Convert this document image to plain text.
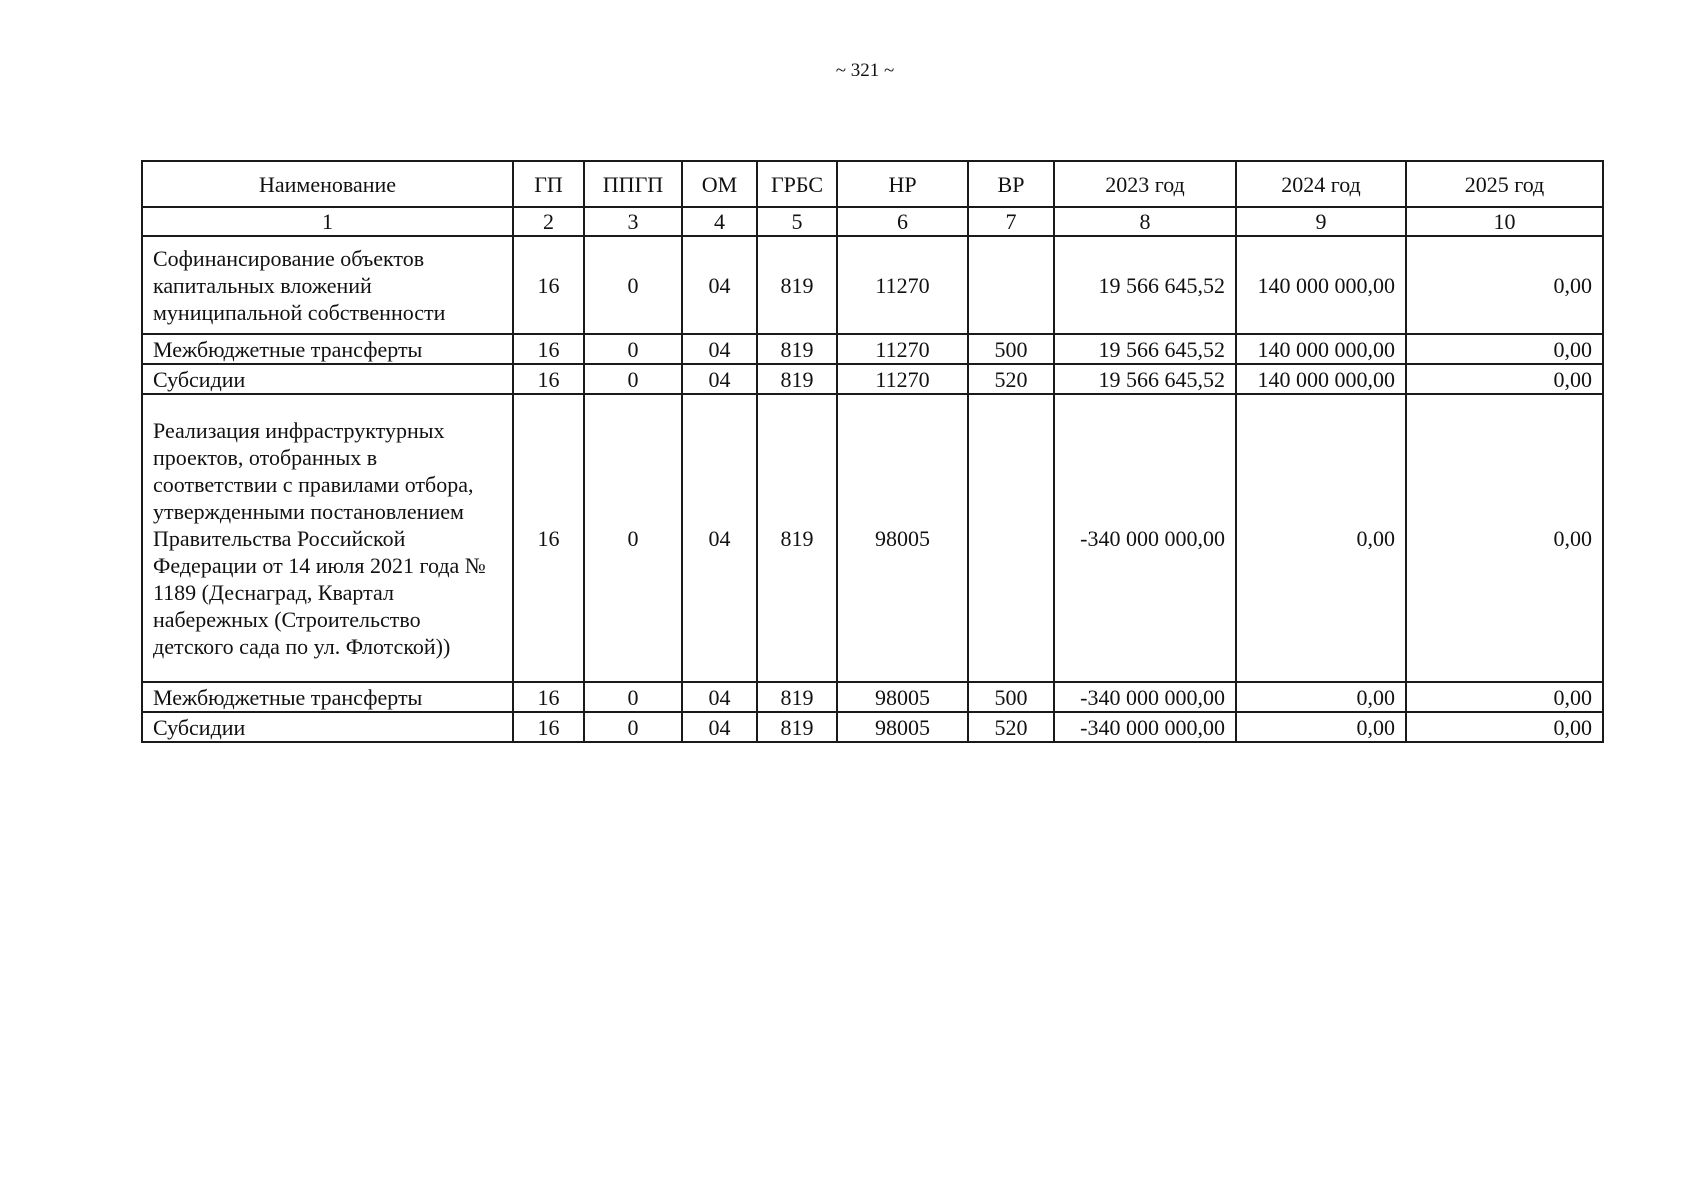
~ 321 ~
Наименование	ГП	ППГП	ОМ	ГРБС	НР	ВР	2023 год	2024 год	2025 год
1	2	3	4	5	6	7	8	9	10
Софинансирование объектов капитальных вложений муниципальной собственности	16	0	04	819	11270		19 566 645,52	140 000 000,00	0,00
Межбюджетные трансферты	16	0	04	819	11270	500	19 566 645,52	140 000 000,00	0,00
Субсидии	16	0	04	819	11270	520	19 566 645,52	140 000 000,00	0,00
Реализация инфраструктурных проектов, отобранных в соответствии с правилами отбора, утвержденными постановлением Правительства Российской Федерации от 14 июля 2021 года № 1189 (Деснаград, Квартал набережных (Строительство детского сада по ул. Флотской))	16	0	04	819	98005		-340 000 000,00	0,00	0,00
Межбюджетные трансферты	16	0	04	819	98005	500	-340 000 000,00	0,00	0,00
Субсидии	16	0	04	819	98005	520	-340 000 000,00	0,00	0,00
